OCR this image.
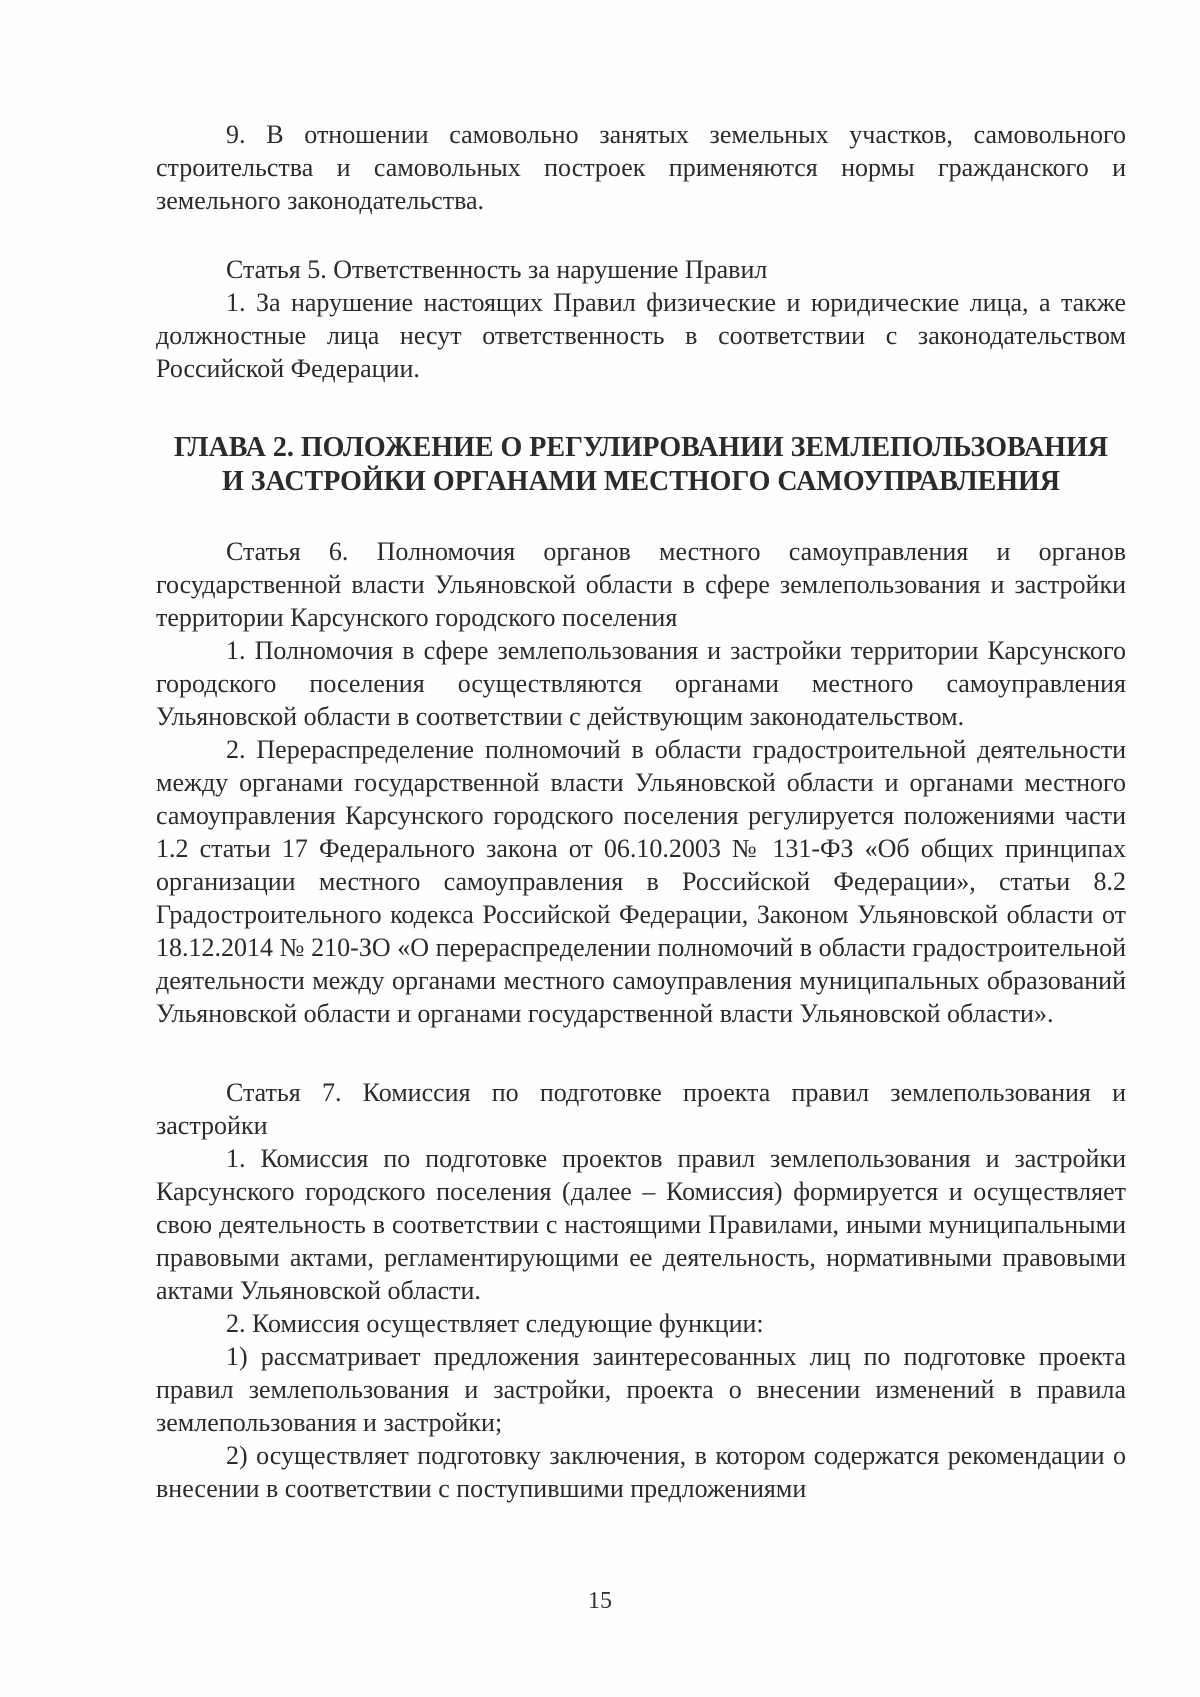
9. В отношении самовольно занятых земельных участков, самовольного строительства и самовольных построек применяются нормы гражданского и земельного законодательства.

Статья 5. Ответственность за нарушение Правил

1. За нарушение настоящих Правил физические и юридические лица, а также должностные лица несут ответственность в соответствии с законодательством Российской Федерации.

ГЛАВА 2. ПОЛОЖЕНИЕ О РЕГУЛИРОВАНИИ ЗЕМЛЕПОЛЬЗОВАНИЯ И ЗАСТРОЙКИ ОРГАНАМИ МЕСТНОГО САМОУПРАВЛЕНИЯ

Статья 6. Полномочия органов местного самоуправления и органов государственной власти Ульяновской области в сфере землепользования и застройки территории Карсунского городского поселения

1. Полномочия в сфере землепользования и застройки территории Карсунского городского поселения осуществляются органами местного самоуправления Ульяновской области в соответствии с действующим законодательством.

2. Перераспределение полномочий в области градостроительной деятельности между органами государственной власти Ульяновской области и органами местного самоуправления Карсунского городского поселения регулируется положениями части 1.2 статьи 17 Федерального закона от 06.10.2003 № 131-ФЗ «Об общих принципах организации местного самоуправления в Российской Федерации», статьи 8.2 Градостроительного кодекса Российской Федерации, Законом Ульяновской области от 18.12.2014 № 210-ЗО «О перераспределении полномочий в области градостроительной деятельности между органами местного самоуправления муниципальных образований Ульяновской области и органами государственной власти Ульяновской области».

Статья 7. Комиссия по подготовке проекта правил землепользования и застройки

1. Комиссия по подготовке проектов правил землепользования и застройки Карсунского городского поселения (далее – Комиссия) формируется и осуществляет свою деятельность в соответствии с настоящими Правилами, иными муниципальными правовыми актами, регламентирующими ее деятельность, нормативными правовыми актами Ульяновской области.

2. Комиссия осуществляет следующие функции:

1) рассматривает предложения заинтересованных лиц по подготовке проекта правил землепользования и застройки, проекта о внесении изменений в правила землепользования и застройки;

2) осуществляет подготовку заключения, в котором содержатся рекомендации о внесении в соответствии с поступившими предложениями

15
